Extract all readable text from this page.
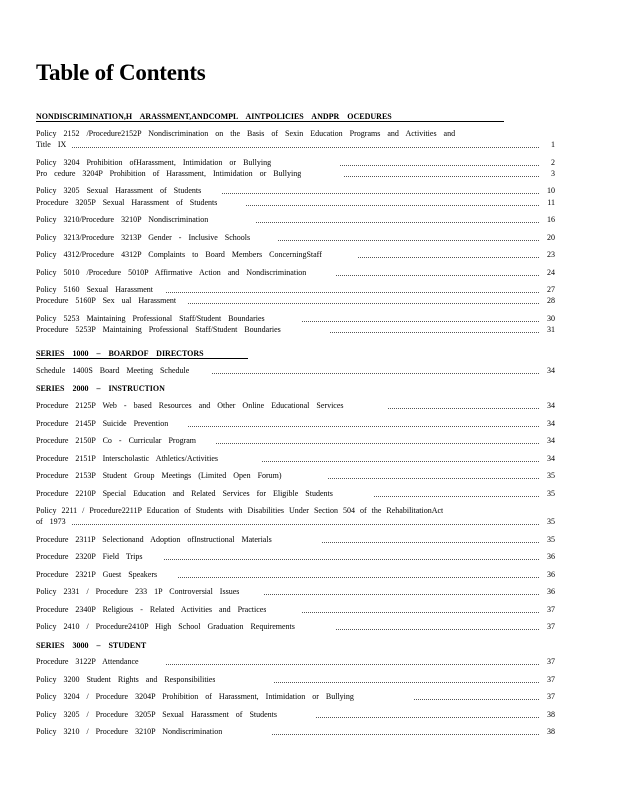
Table of Contents
NONDISCRIMINATION,H ARASSMENT,ANDCOMPL AINTPOLICIES ANDPR OCEDURES
Policy 2152 /Procedure2152P Nondiscrimination on the Basis of Sexin Education Programs and Activities and
Title IX	1
Policy 3204 Prohibition ofHarassment, Intimidation or Bullying	2
Pro cedure 3204P Prohibition of Harassment, Intimidation or Bullying	3
Policy 3205 Sexual Harassment of Students	10
Procedure 3205P Sexual Harassment of Students	11
Policy 3210/Procedure 3210P Nondiscrimination	16
Policy 3213/Procedure 3213P Gender - Inclusive Schools	20
Policy 4312/Procedure 4312P Complaints to Board Members ConcerningStaff	23
Policy 5010 /Procedure 5010P Affirmative Action and Nondiscrimination	24
Policy 5160 Sexual Harassment	27
Procedure 5160P Sex ual Harassment	28
Policy 5253 Maintaining Professional Staff/Student Boundaries	30
Procedure 5253P Maintaining Professional Staff/Student Boundaries	31
SERIES 1000 – BOARDOF DIRECTORS
Schedule 1400S Board Meeting Schedule	34
SERIES 2000 – INSTRUCTION
Procedure 2125P Web - based Resources and Other Online Educational Services	34
Procedure 2145P Suicide Prevention	34
Procedure 2150P Co - Curricular Program	34
Procedure 2151P Interscholastic Athletics/Activities	34
Procedure 2153P Student Group Meetings (Limited Open Forum)	35
Procedure 2210P Special Education and Related Services for Eligible Students	35
Policy 2211 / Procedure2211P Education of Students with Disabilities Under Section 504 of the RehabilitationAct
of 1973	35
Procedure 2311P Selectionand Adoption ofInstructional Materials	35
Procedure 2320P Field Trips	36
Procedure 2321P Guest Speakers	36
Policy 2331 / Procedure 233 1P Controversial Issues	36
Procedure 2340P Religious - Related Activities and Practices	37
Policy 2410 / Procedure2410P High School Graduation Requirements	37
SERIES 3000 – STUDENT
Procedure 3122P Attendance	37
Policy 3200 Student Rights and Responsibilities	37
Policy 3204 / Procedure 3204P Prohibition of Harassment, Intimidation or Bullying	37
Policy 3205 / Procedure 3205P Sexual Harassment of Students	38
Policy 3210 / Procedure 3210P Nondiscrimination	38
